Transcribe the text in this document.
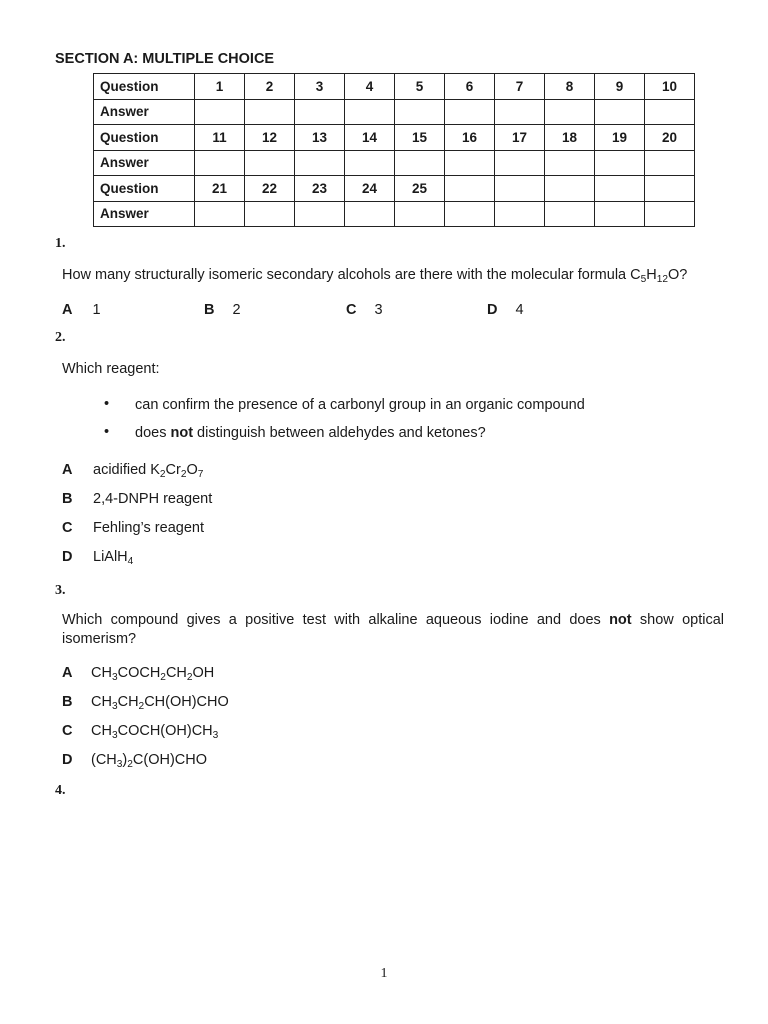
SECTION A: MULTIPLE CHOICE
Question	1	2	3	4	5	6	7	8	9	10
Answer										
Question	11	12	13	14	15	16	17	18	19	20
Answer										
Question	21	22	23	24	25					
Answer										
1.
How many structurally isomeric secondary alcohols are there with the molecular formula $C_5H_{12}O$?
A 1	B 2	C 3	D 4
2.
Which reagent:
• can confirm the presence of a carbonyl group in an organic compound
• does not distinguish between aldehydes and ketones?
A acidified $K_2Cr_2O_7$
B 2,4-DNPH reagent
C Fehling’s reagent
D LiAlH$_4$
3.
Which compound gives a positive test with alkaline aqueous iodine and does not show optical isomerism?
A $CH_3COCH_2CH_2OH$
B $CH_3CH_2CH(OH)CHO$
C $CH_3COCH(OH)CH_3$
D $(CH_3)_2C(OH)CHO$
4.
1
